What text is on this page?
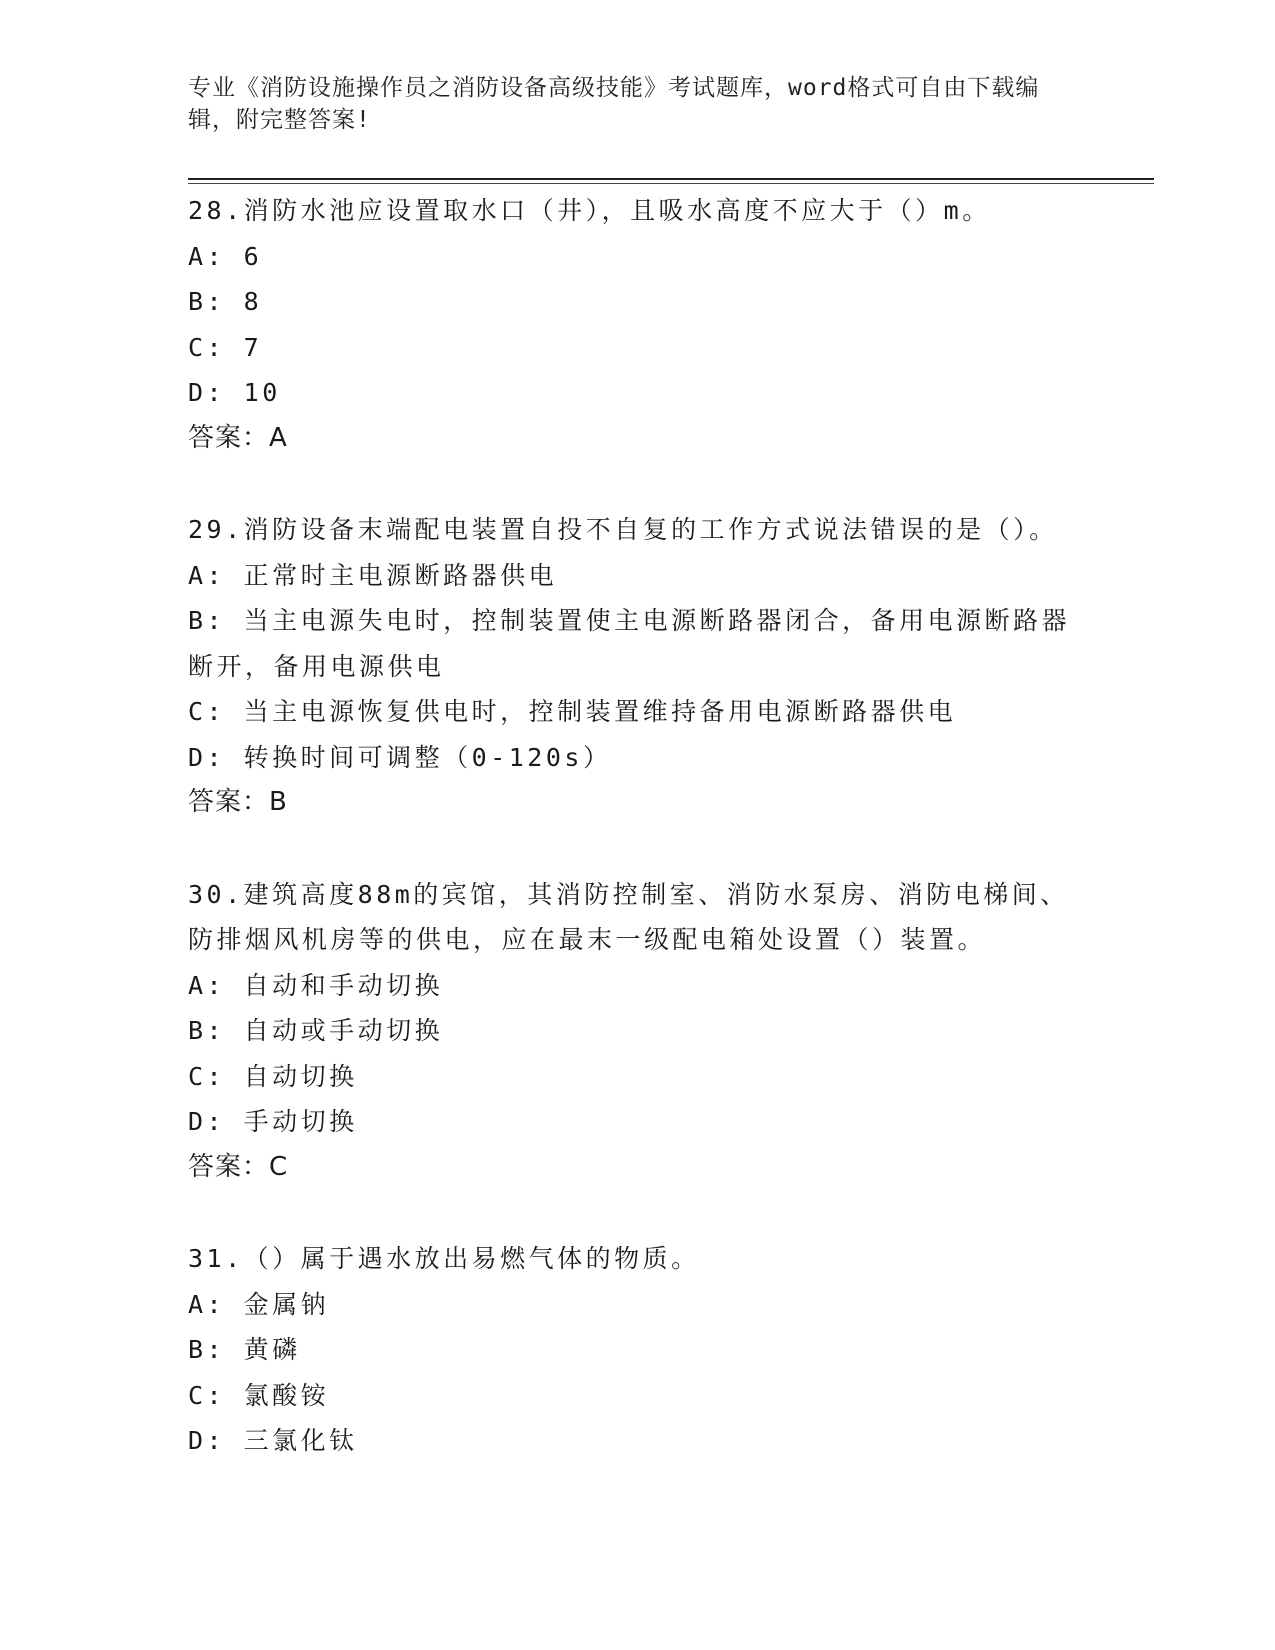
专业《消防设施操作员之消防设备高级技能》考试题库，word格式可自由下载编辑，附完整答案!
28.消防水池应设置取水口（井），且吸水高度不应大于（）m。
A: 6
B: 8
C: 7
D: 10
答案：A
29.消防设备末端配电装置自投不自复的工作方式说法错误的是（）。
A: 正常时主电源断路器供电
B: 当主电源失电时，控制装置使主电源断路器闭合，备用电源断路器断开，备用电源供电
C: 当主电源恢复供电时，控制装置维持备用电源断路器供电
D: 转换时间可调整（0-120s）
答案：B
30.建筑高度88m的宾馆，其消防控制室、消防水泵房、消防电梯间、防排烟风机房等的供电，应在最末一级配电箱处设置（）装置。
A: 自动和手动切换
B: 自动或手动切换
C: 自动切换
D: 手动切换
答案：C
31.（）属于遇水放出易燃气体的物质。
A: 金属钠
B: 黄磷
C: 氯酸铵
D: 三氯化钛
